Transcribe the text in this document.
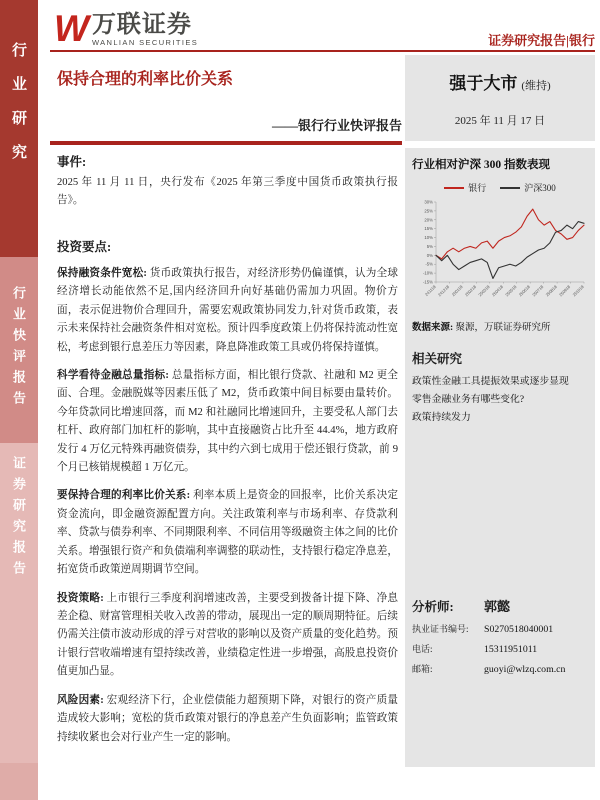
行业研究
行业快评报告
证券研究报告
W 万联证券
WANLIAN SECURITIES	证券研究报告|银行
保持合理的利率比价关系
——银行行业快评报告
事件:

2025 年 11 月 11 日，央行发布《2025 年第三季度中国货币政策执行报告》。

投资要点:

保持融资条件宽松: 货币政策执行报告，对经济形势仍偏谨慎，认为全球经济增长动能依然不足,国内经济回升向好基础仍需加力巩固。物价方面，表示促进物价合理回升，需要宏观政策协同发力,针对货币政策，表示未来保持社会融资条件相对宽松。预计四季度政策上仍将保持流动性宽松，考虑到银行息差压力等因素，降息降准政策工具或仍将保持谨慎。

科学看待金融总量指标: 总量指标方面，相比银行贷款、社融和 M2 更全面、合理。金融脱媒等因素压低了 M2，货币政策中间目标要由量转价。今年贷款同比增速回落，而 M2 和社融同比增速回升，主要受私人部门去杠杆、政府部门加杠杆的影响，其中直接融资占比升至 44.4%，地方政府发行 4 万亿元特殊再融资债券，其中约六到七成用于偿还银行贷款，前 9 个月已核销规模超 1 万亿元。

要保持合理的利率比价关系: 利率本质上是资金的回报率，比价关系决定资金流向，即金融资源配置方向。关注政策利率与市场利率、存贷款利率、贷款与债券利率、不同期限利率、不同信用等级融资主体之间的比价关系。增强银行资产和负债端利率调整的联动性，支持银行稳定净息差，拓宽货币政策逆周期调节空间。

投资策略: 上市银行三季度利润增速改善，主要受到拨备计提下降、净息差企稳、财富管理相关收入改善的带动，展现出一定的顺周期特征。后续仍需关注债市波动形成的浮亏对营收的影响以及资产质量的变化趋势。预计银行营收端增速有望持续改善，业绩稳定性进一步增强，高股息投资价值更加凸显。

风险因素: 宏观经济下行，企业偿债能力超预期下降，对银行的资产质量造成较大影响；宽松的货币政策对银行的净息差产生负面影响；监管政策持续收紧也会对行业产生一定的影响。

强于大市 (维持)
2025 年 11 月 17 日
行业相对沪深 300 指数表现
银行	沪深300
30%
25%
20%
15%
10%
5%
0%
-5%
-10%
-15%
241118 241218 250118 250218 250318 250418 250518 250618 250718 250818 250918 251018
数据来源: 聚源，万联证券研究所
相关研究
政策性金融工具提振效果或逐步显现
零售金融业务有哪些变化?
政策持续发力
分析师:	郭懿
执业证书编号:	S0270518040001
电话:	15311951011
邮箱:	guoyi@wlzq.com.cn
